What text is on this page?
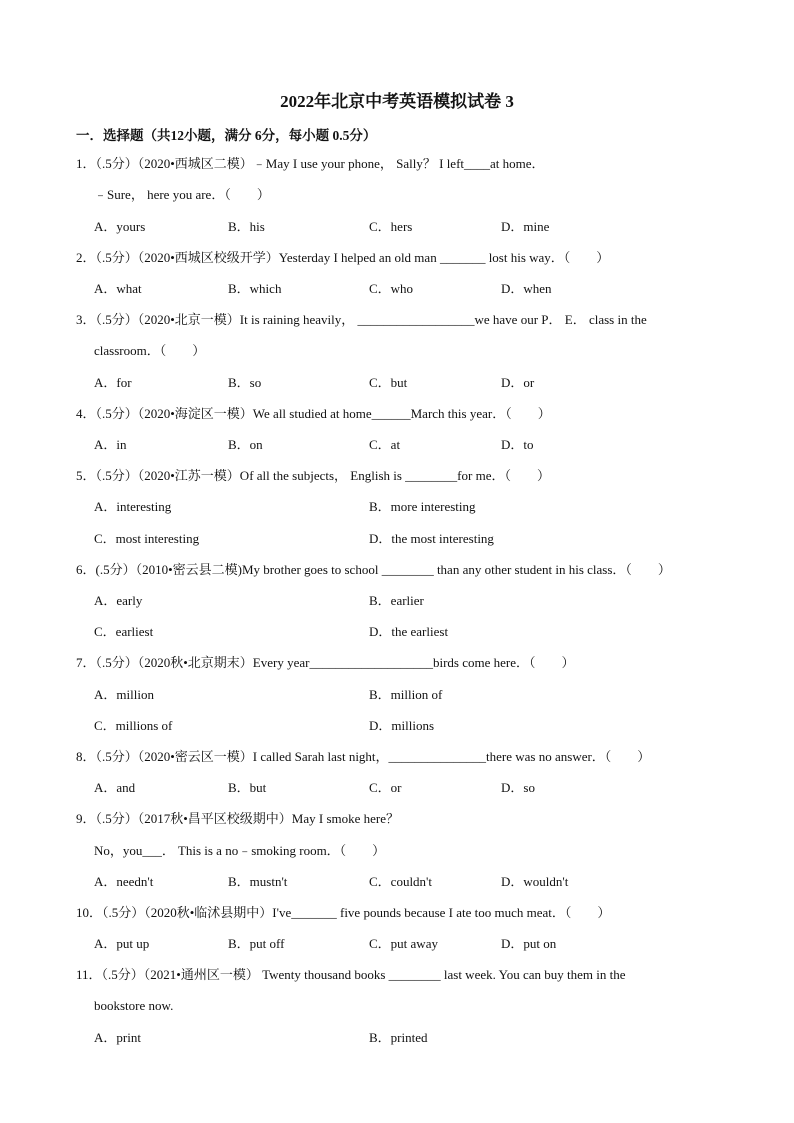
2022年北京中考英语模拟试卷 3
一．选择题（共12小题，满分 6分，每小题 0.5分）
1．（.5分）（2020•西城区二模）﹣May I use your phone， Sally？ I left____at home．
﹣Sure， here you are．（　　）
A．yours	B．his	C．hers	D．mine
2．（.5分）（2020•西城区校级开学）Yesterday I helped an old man _______ lost his way．（　　）
A．what	B．which	C．who	D．when
3．（.5分）（2020•北京一模）It is raining heavily， __________________we have our P． E． class in the
classroom．（　　）
A．for	B．so	C．but	D．or
4．（.5分）（2020•海淀区一模）We all studied at home______March this year．（　　）
A．in	B．on	C．at	D．to
5．（.5分）（2020•江苏一模）Of all the subjects， English is ________for me．（　　）
A．interesting	B．more interesting
C．most interesting	D．the most interesting
6．(.5分）（2010•密云县二模)My brother goes to school ________ than any other student in his class．（　　）
A．early	B．earlier
C．earliest	D．the earliest
7．（.5分）（2020秋•北京期末）Every year___________________birds come here．（　　）
A．million	B．million of
C．millions of	D．millions
8．（.5分）（2020•密云区一模）I called Sarah last night，_______________there was no answer．（　　）
A．and	B．but	C．or	D．so
9．（.5分）（2017秋•昌平区校级期中）May I smoke here？
No，you___． This is a no﹣smoking room．（　　）
A．needn't	B．mustn't	C．couldn't	D．wouldn't
10．（.5分）（2020秋•临沭县期中）I've_______ five pounds because I ate too much meat．（　　）
A．put up	B．put off	C．put away	D．put on
11．（.5分）（2021•通州区一模） Twenty thousand books ________ last week. You can buy them in the
bookstore now.
A．print	B．printed
